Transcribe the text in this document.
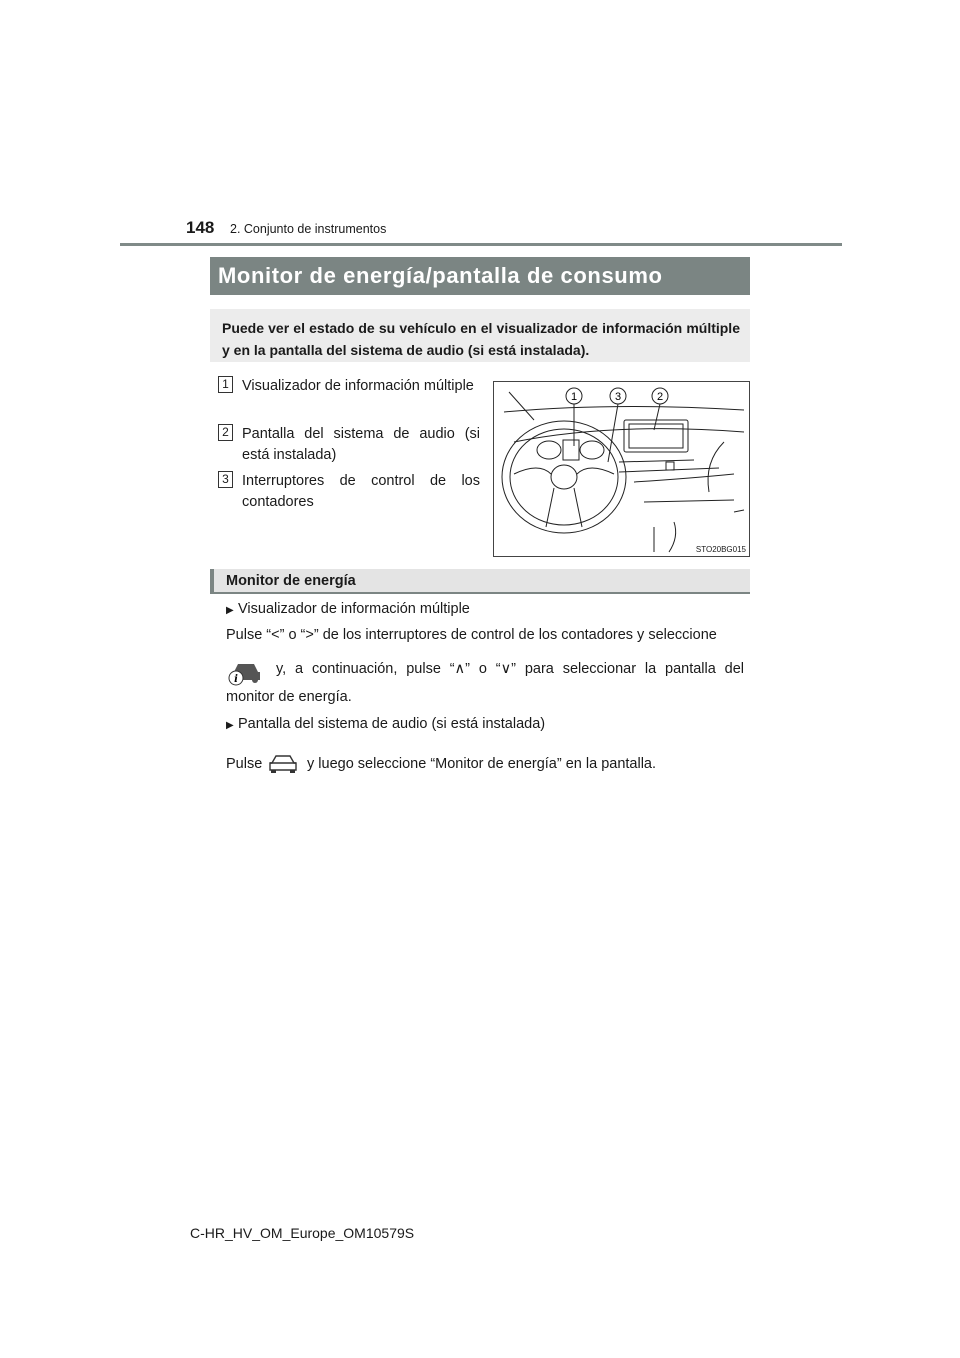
148 2. Conjunto de instrumentos
Monitor de energía/pantalla de consumo
Puede ver el estado de su vehículo en el visualizador de información múltiple y en la pantalla del sistema de audio (si está instalada).
1 Visualizador de información múltiple
2 Pantalla del sistema de audio (si está instalada)
3 Interruptores de control de los contadores
1	3	2
STO20BG015
Monitor de energía
▶ Visualizador de información múltiple
Pulse “<” o “>” de los interruptores de control de los contadores y seleccione
i
y, a continuación, pulse “∧” o “∨” para seleccionar la pantalla del
monitor de energía.
▶ Pantalla del sistema de audio (si está instalada)
Pulse	y luego seleccione “Monitor de energía” en la pantalla.
C-HR_HV_OM_Europe_OM10579S
